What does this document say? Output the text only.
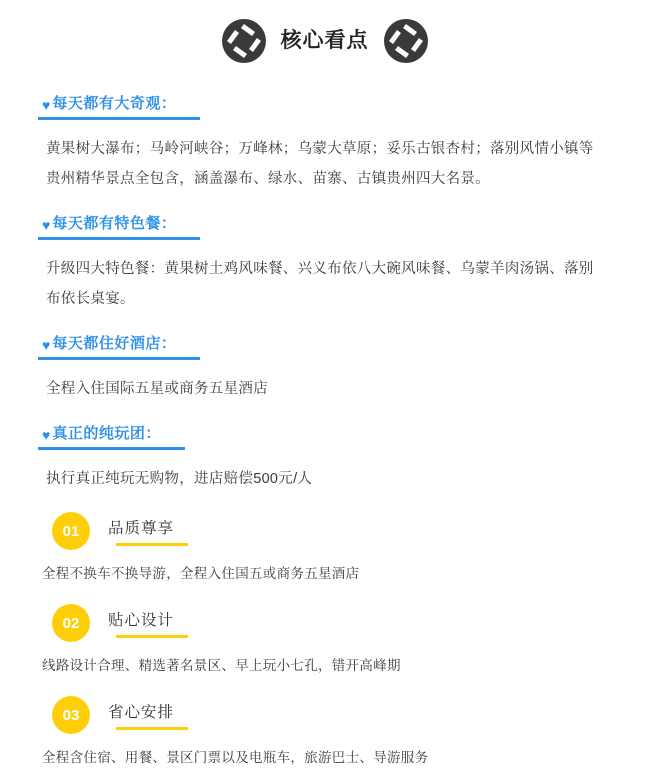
核心看点
♥ 每天都有大奇观：
黄果树大瀑布；马岭河峡谷；万峰林；乌蒙大草原；妥乐古银杏村；落别风情小镇等贵州精华景点全包含，涵盖瀑布、绿水、苗寨、古镇贵州四大名景。
♥ 每天都有特色餐：
升级四大特色餐：黄果树土鸡风味餐、兴义布依八大碗风味餐、乌蒙羊肉汤锅、落别布依长桌宴。
♥ 每天都住好酒店：
全程入住国际五星或商务五星酒店
♥ 真正的纯玩团：
执行真正纯玩无购物，进店赔偿500元/人
01	品质尊享
全程不换车不换导游，全程入住国五或商务五星酒店
02	贴心设计
线路设计合理、精选著名景区、早上玩小七孔，错开高峰期
03	省心安排
全程含住宿、用餐、景区门票以及电瓶车，旅游巴士、导游服务
